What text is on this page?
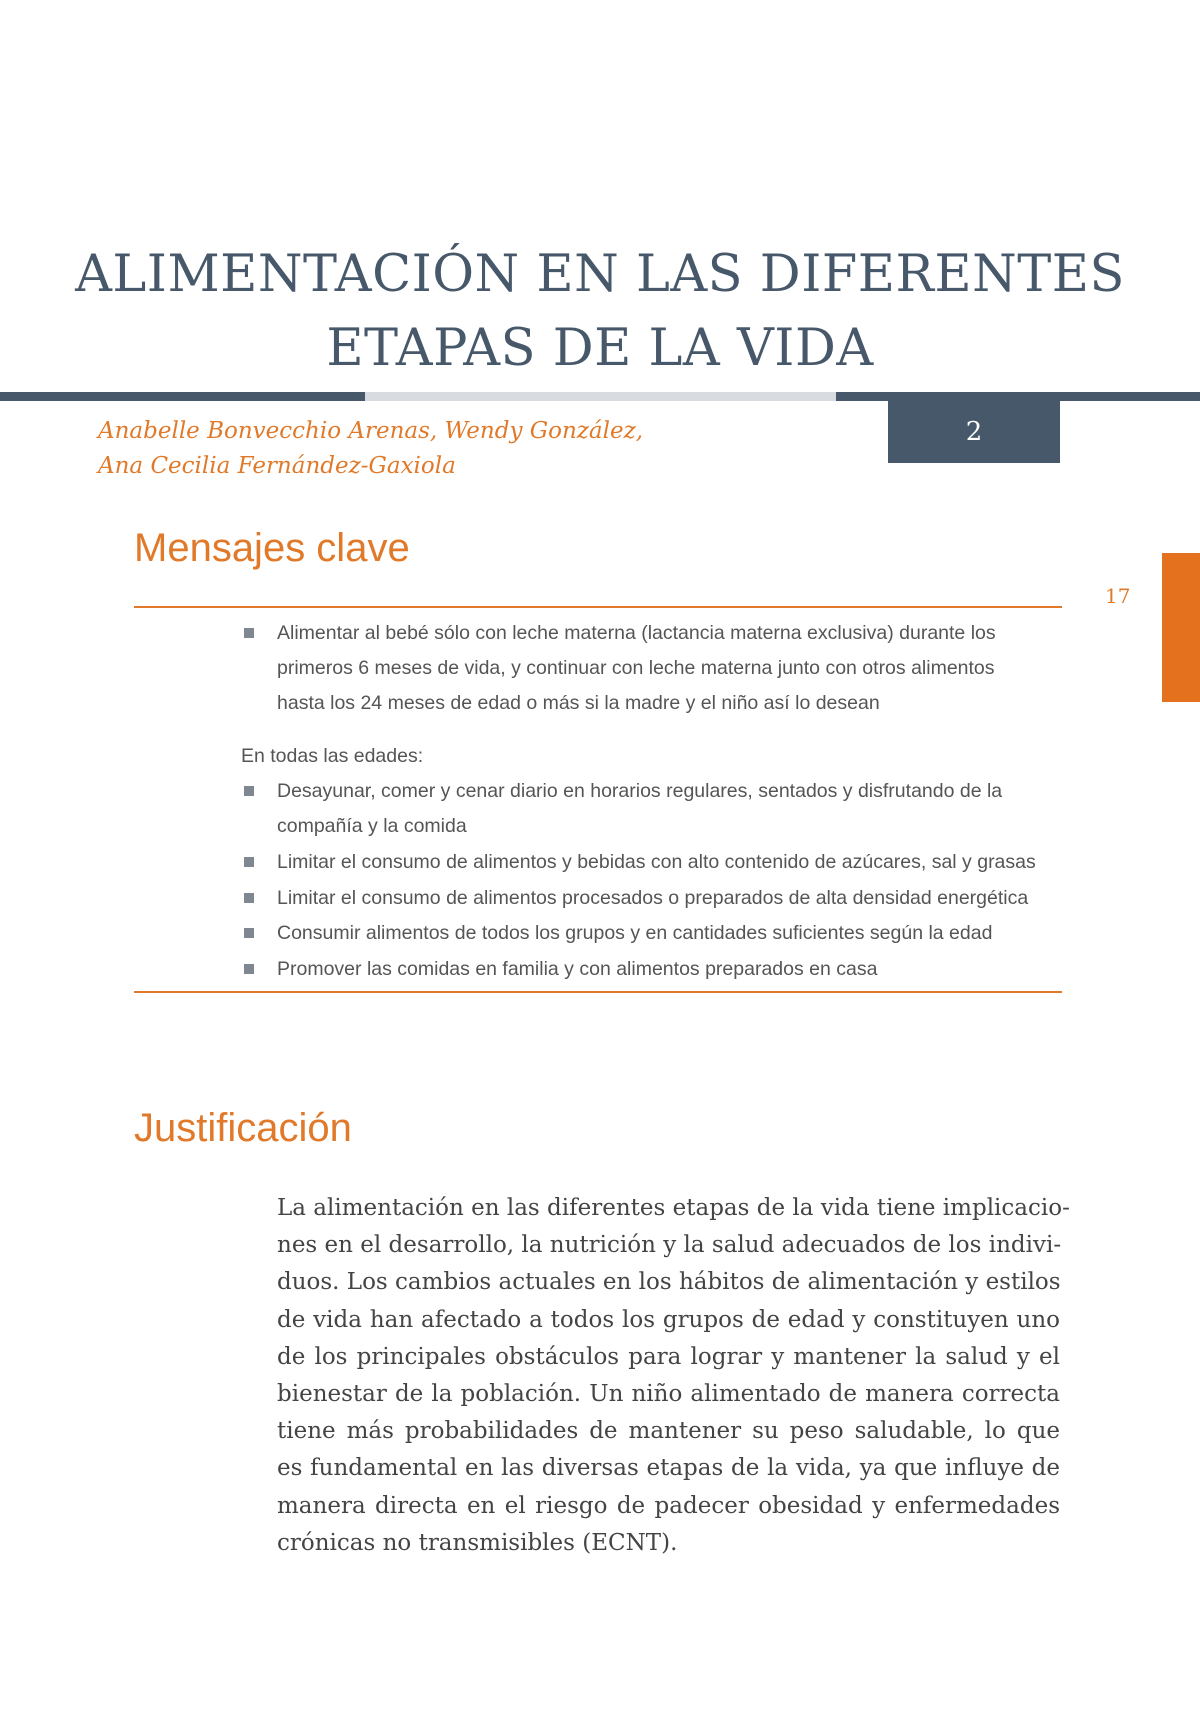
ALIMENTACIÓN EN LAS DIFERENTES
ETAPAS DE LA VIDA
2
Anabelle Bonvecchio Arenas, Wendy González,
Ana Cecilia Fernández-Gaxiola
17
Mensajes clave
Alimentar al bebé sólo con leche materna (lactancia materna exclusiva) durante los
primeros 6 meses de vida, y continuar con leche materna junto con otros alimentos
hasta los 24 meses de edad o más si la madre y el niño así lo desean
En todas las edades:
Desayunar, comer y cenar diario en horarios regulares, sentados y disfrutando de la
compañía y la comida
Limitar el consumo de alimentos y bebidas con alto contenido de azúcares, sal y grasas
Limitar el consumo de alimentos procesados o preparados de alta densidad energética
Consumir alimentos de todos los grupos y en cantidades suficientes según la edad
Promover las comidas en familia y con alimentos preparados en casa
Justificación
La alimentación en las diferentes etapas de la vida tiene implicacio-
nes en el desarrollo, la nutrición y la salud adecuados de los indivi-
duos. Los cambios actuales en los hábitos de alimentación y estilos
de vida han afectado a todos los grupos de edad y constituyen uno
de los principales obstáculos para lograr y mantener la salud y el
bienestar de la población. Un niño alimentado de manera correcta
tiene más probabilidades de mantener su peso saludable, lo que
es fundamental en las diversas etapas de la vida, ya que influye de
manera directa en el riesgo de padecer obesidad y enfermedades
crónicas no transmisibles (ECNT).
